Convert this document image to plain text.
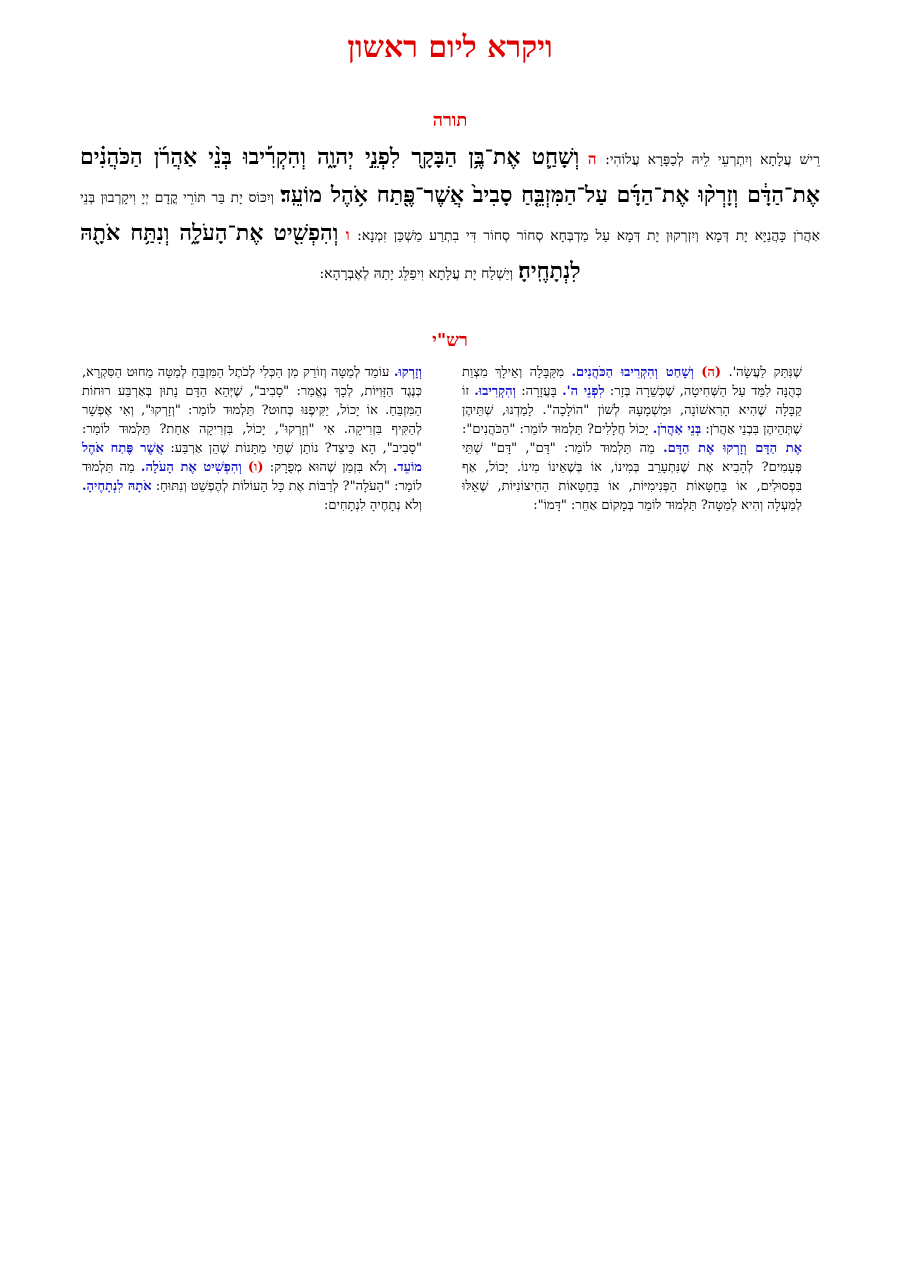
ויקרא ליום ראשון
תורה
רֵישׁ עֲלָתָא וְיִתְרְעֵי לֵיהּ לְכַפָּרָא עֲלוֹהִי: ה וְשָׁחַ֛ט אֶת־בֶּ֥ן הַבָּקָ֖ר לִפְנֵ֣י יְהוָ֑ה וְהִקְרִ֡יבוּ בְּנֵ֨י אַהֲרֹ֜ן הַכֹּהֲנִ֗ים אֶת־הַדָּ֔ם וְזָרְק֨וּ אֶת־הַדָּ֜ם עַל־הַמִּזְבֵּ֤חַ סָבִיב֙ אֲשֶׁר־פֶּ֖תַח אֹ֥הֶל מוֹעֵֽד׃ וְיִכּוֹס יָת בַּר תּוֹרֵי קֳדָם יְיָ וִיקָרְבוּן בְּנֵי אַהֲרֹן כָּהֲנַיָּא יָת דְּמָא וְיִזְרְקוּן יָת דְּמָא עַל מַדְבְּחָא סְחוֹר סְחוֹר דִּי בִתְרַע מַשְׁכַּן זִמְנָא: ו וְהִפְשִׁ֖יט אֶת־הָעֹלָ֑ה וְנִתַּ֥ח אֹתָ֖הּ לִנְתָחֶֽיהָ׃ וְיַשְׁלַח יָת עֲלָתָא וִיפַלֵּג יָתַהּ לְאֶבְרָהָא:
רש"י
שֶׁנִּתַּק לַעֲשָׂה'. (ה) וְשָׁחַט וְהִקְרִיבוּ הַכֹּהֲנִים. מִקַּבָּלָה וְאֵילָךְ מִצְוַת כְּהֻנָּה לִמֵּד עַל הַשְּׁחִיטָה, שֶׁכְּשֵׁרָה בְּזָר: לִפְנֵי ה'. בָּעֲזָרָה: וְהִקְרִיבוּ. זוֹ קַבָּלָה שֶׁהִיא הָרִאשׁוֹנָה, וּמַשְׁמָעָהּ לְשׁוֹן "הוֹלָכָה". לָמַדְנוּ, שְׁתֵּיהֶן שֶׁתְּהֵיהֶן בִּבְנֵי אַהֲרֹן: בְּנֵי אַהֲרֹן. יָכוֹל חֲלָלִים? תַּלְמוּד לוֹמַר: "הַכֹּהֲנִים": אֶת הַדָּם וְזָרְקוּ אֶת הַדָּם. מַה תַּלְמוּד לוֹמַר: "דָּם", "דָּם" שְׁתֵּי פְּעָמִים? לְהָבִיא אֶת שֶׁנִּתְעָרֵב בְּמִינוֹ, אוֹ בְּשֶׁאֵינוֹ מִינוֹ. יָכוֹל, אַף בִּפְסוּלִים, אוֹ בַּחַטָּאוֹת הַפְּנִימִיּוֹת, אוֹ בַּחַטָּאוֹת הַחִיצוֹנִיּוֹת, שֶׁאֵלּוּ לְמַעְלָה וְהִיא לְמַטָּה? תַּלְמוּד לוֹמַר בְּמָקוֹם אַחֵר: "דָּמוֹ":
וְזָרְקוּ. עוֹמֵד לְמַטָּה וְזוֹרֵק מִן הַכְּלִי לְכֹתֶל הַמִּזְבֵּחַ לְמַטָּה מֵחוּט הַסִּקְרָא, כְּנֶגֶד הַזָּוִיּוֹת, לְכָךְ נֶאֱמַר: "סָבִיב", שֶׁיְּהֵא הַדָּם נָתוּן בְּאַרְבַּע רוּחוֹת הַמִּזְבֵּחַ. אוֹ יָכוֹל, יַקִּיפֶנּוּ כְּחוּט? תַּלְמוּד לוֹמַר: "וְזָרְקוּ", וְאִי אֶפְשָׁר לְהַקִּיף בִּזְרִיקָה. אִי "וְזָרְקוּ", יָכוֹל, בִּזְרִיקָה אַחַת? תַּלְמוּד לוֹמַר: "סָבִיב", הָא כֵּיצַד? נוֹתֵן שְׁתֵּי מַתָּנוֹת שֶׁהֵן אַרְבַּע: אֲשֶׁר פֶּתַח אֹהֶל מוֹעֵד. וְלֹא בִּזְמַן שֶׁהוּא מְפֻרָק: (ו) וְהִפְשִׁיט אֶת הָעֹלָה. מַה תַּלְמוּד לוֹמַר: "הָעֹלָה"? לְרַבּוֹת אֶת כָּל הָעוֹלוֹת לְהֶפְשֵׁט וְנִתּוּחַ: אֹתָהּ לִנְתָחֶיהָ. וְלֹא נְתָחֶיהָ לִנְתָחִים:
